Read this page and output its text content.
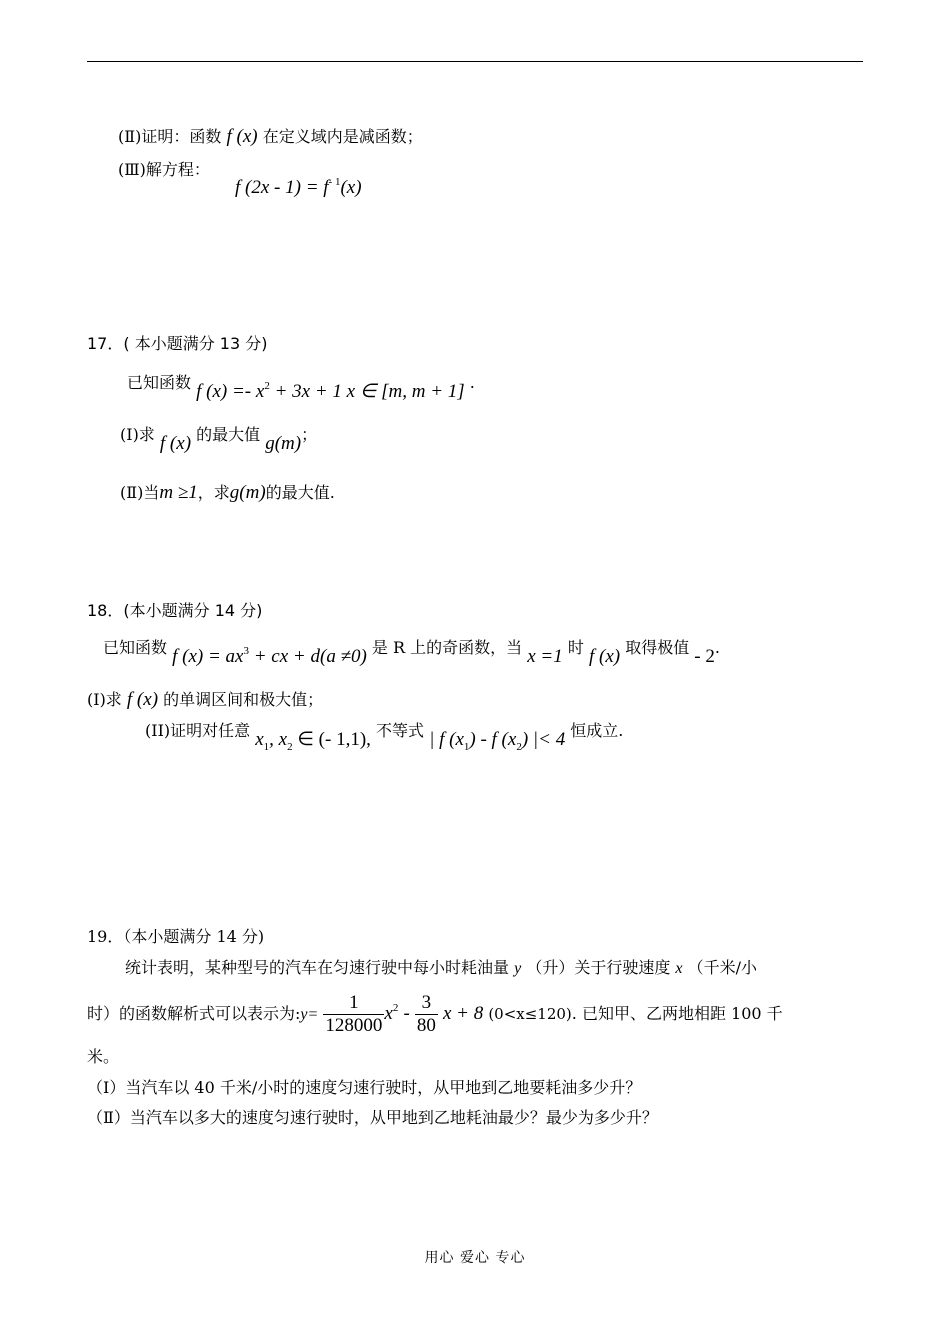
(Ⅱ)证明：函数 f (x) 在定义域内是减函数；
(Ⅲ)解方程：
f $(2x - 1) = f^{- 1}(x)$
17．( 本小题满分 13 分)
已知函数 f $(x) =- x^2 + 3x + 1$ x ∈ [m, m + 1] .
(Ⅰ)求 f (x) 的最大值 g(m)；
(Ⅱ)当m ≥1，求g(m)的最大值.
18．(本小题满分 14 分)
已知函数 f $(x) = ax^3$ + cx + d(a ≠0) 是 R 上的奇函数，当 x =1 时 f (x) 取得极值 - 2.
(I)求 f (x) 的单调区间和极大值；
(II)证明对任意 $x_1$, $x_2$ ∈ (- 1,1), 不等式 | f $(x_1)$ - f $(x_2)$ |< 4 恒成立.
19．（本小题满分 14 分)
统计表明，某种型号的汽车在匀速行驶中每小时耗油量 y （升）关于行驶速度 x （千米/小
时）的函数解析式可以表示为:y= $\frac{1}{128000} x^2 - \frac{3}{80}$ x + 8 (0<x≤120). 已知甲、乙两地相距 100 千
米。
（Ⅰ）当汽车以 40 千米/小时的速度匀速行驶时，从甲地到乙地要耗油多少升？
（Ⅱ）当汽车以多大的速度匀速行驶时，从甲地到乙地耗油最少？最少为多少升？
用心 爱心 专心
